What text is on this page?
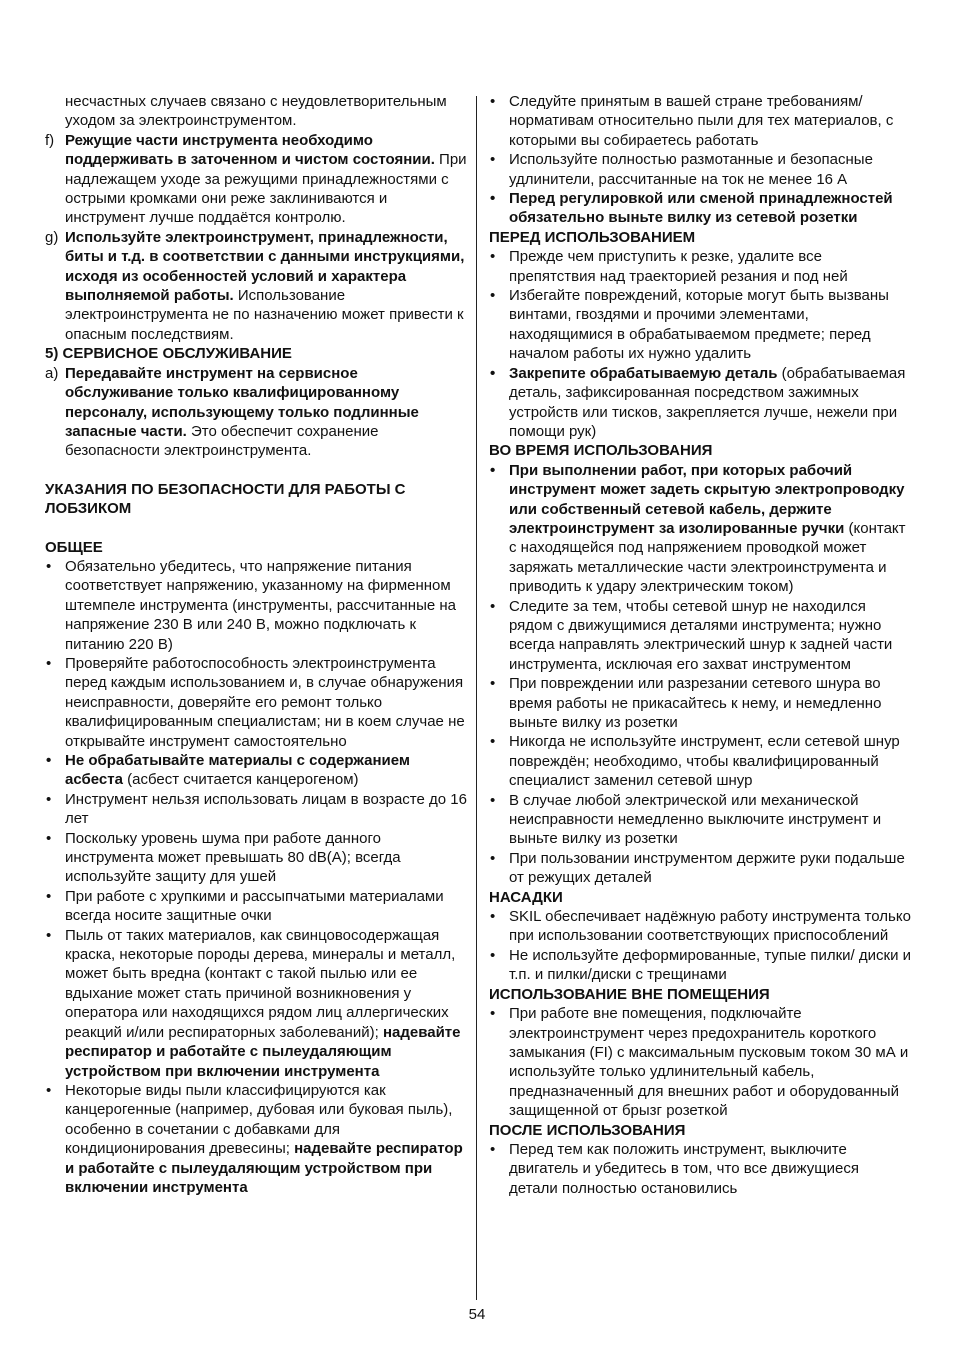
несчастных случаев связано с неудовлетворительным уходом за электроинструментом.

f) Режущие части инструмента необходимо поддерживать в заточенном и чистом состоянии. При надлежащем уходе за режущими принадлежностями с острыми кромками они реже заклиниваются и инструмент лучше поддаётся контролю.

g) Используйте электроинструмент, принадлежности, биты и т.д. в соответствии с данными инструкциями, исходя из особенностей условий и характера выполняемой работы. Использование электроинструмента не по назначению может привести к опасным последствиям.

5) СЕРВИСНОЕ ОБСЛУЖИВАНИЕ

a) Передавайте инструмент на сервисное обслуживание только квалифицированному персоналу, использующему только подлинные запасные части. Это обеспечит сохранение безопасности электроинструмента.

УКАЗАНИЯ ПО БЕЗОПАСНОСТИ ДЛЯ РАБОТЫ С ЛОБЗИКОМ

ОБЩЕЕ

• Обязательно убедитесь, что напряжение питания соответствует напряжению, указанному на фирменном штемпеле инструмента (инструменты, рассчитанные на напряжение 230 В или 240 В, можно подключать к питанию 220 В)

• Проверяйте работоспособность электроинструмента перед каждым использованием и, в случае обнаружения неисправности, доверяйте его ремонт только квалифицированным специалистам; ни в коем случае не открывайте инструмент самостоятельно

• Не обрабатывайте материалы с содержанием асбеста (асбест считается канцерогеном)

• Инструмент нельзя использовать лицам в возрасте до 16 лет

• Поскольку уровень шума при работе данного инструмента может превышать 80 dB(A); всегда используйте защиту для ушей

• При работе с хрупкими и рассыпчатыми материалами всегда носите защитные очки

• Пыль от таких материалов, как свинцовосодержащая краска, некоторые породы дерева, минералы и металл, может быть вредна (контакт с такой пылью или ее вдыхание может стать причиной возникновения у оператора или находящихся рядом лиц аллергических реакций и/или респираторных заболеваний); надевайте респиратор и работайте с пылеудаляющим устройством при включении инструмента

• Некоторые виды пыли классифицируются как канцерогенные (например, дубовая или буковая пыль), особенно в сочетании с добавками для кондиционирования древесины; надевайте респиратор и работайте с пылеудаляющим устройством при включении инструмента

• Следуйте принятым в вашей стране требованиям/ нормативам относительно пыли для тех материалов, с которыми вы собираетесь работать

• Используйте полностью размотанные и безопасные удлинители, рассчитанные на ток не менее 16 A

• Перед регулировкой или сменой принадлежностей обязательно выньте вилку из сетевой розетки

ПЕРЕД ИСПОЛЬЗОВАНИЕМ

• Прежде чем приступить к резке, удалите все препятствия над траекторией резания и под ней

• Избегайте повреждений, которые могут быть вызваны винтами, гвоздями и прочими элементами, находящимися в обрабатываемом предмете; перед началом работы их нужно удалить

• Закрепите обрабатываемую деталь (обрабатываемая деталь, зафиксированная посредством зажимных устройств или тисков, закрепляется лучше, нежели при помощи рук)

ВО ВРЕМЯ ИСПОЛЬЗОВАНИЯ

• При выполнении работ, при которых рабочий инструмент может задеть скрытую электропроводку или собственный сетевой кабель, держите электроинструмент за изолированные ручки (контакт с находящейся под напряжением проводкой может заряжать металлические части электроинструмента и приводить к удару электрическим током)

• Следите за тем, чтобы сетевой шнур не находился рядом с движущимися деталями инструмента; нужно всегда направлять электрический шнур к задней части инструмента, исключая его захват инструментом

• При повреждении или разрезании сетевого шнура во время работы не прикасайтесь к нему, и немедленно выньте вилку из розетки

• Никогда не используйте инструмент, если сетевой шнур повреждён; необходимо, чтобы квалифицированный специалист заменил сетевой шнур

• В случае любой электрической или механической неисправности немедленно выключите инструмент и выньте вилку из розетки

• При пользовании инструментом держите руки подальше от режущих деталей

НАСАДКИ

• SKIL обеспечивает надёжную работу инструмента только при использовании соответствующих приспособлений

• Не используйте деформированные, тупые пилки/ диски и т.п. и пилки/диски с трещинами

ИСПОЛЬЗОВАНИЕ ВНЕ ПОМЕЩЕНИЯ

• При работе вне помещения, подключайте электроинструмент через предохранитель короткого замыкания (FI) с максимальным пусковым током 30 мА и используйте только удлинительный кабель, предназначенный для внешних работ и оборудованный защищенной от брызг розеткой

ПОСЛЕ ИСПОЛЬЗОВАНИЯ

• Перед тем как положить инструмент, выключите двигатель и убедитесь в том, что все движущиеся детали полностью остановились

54
